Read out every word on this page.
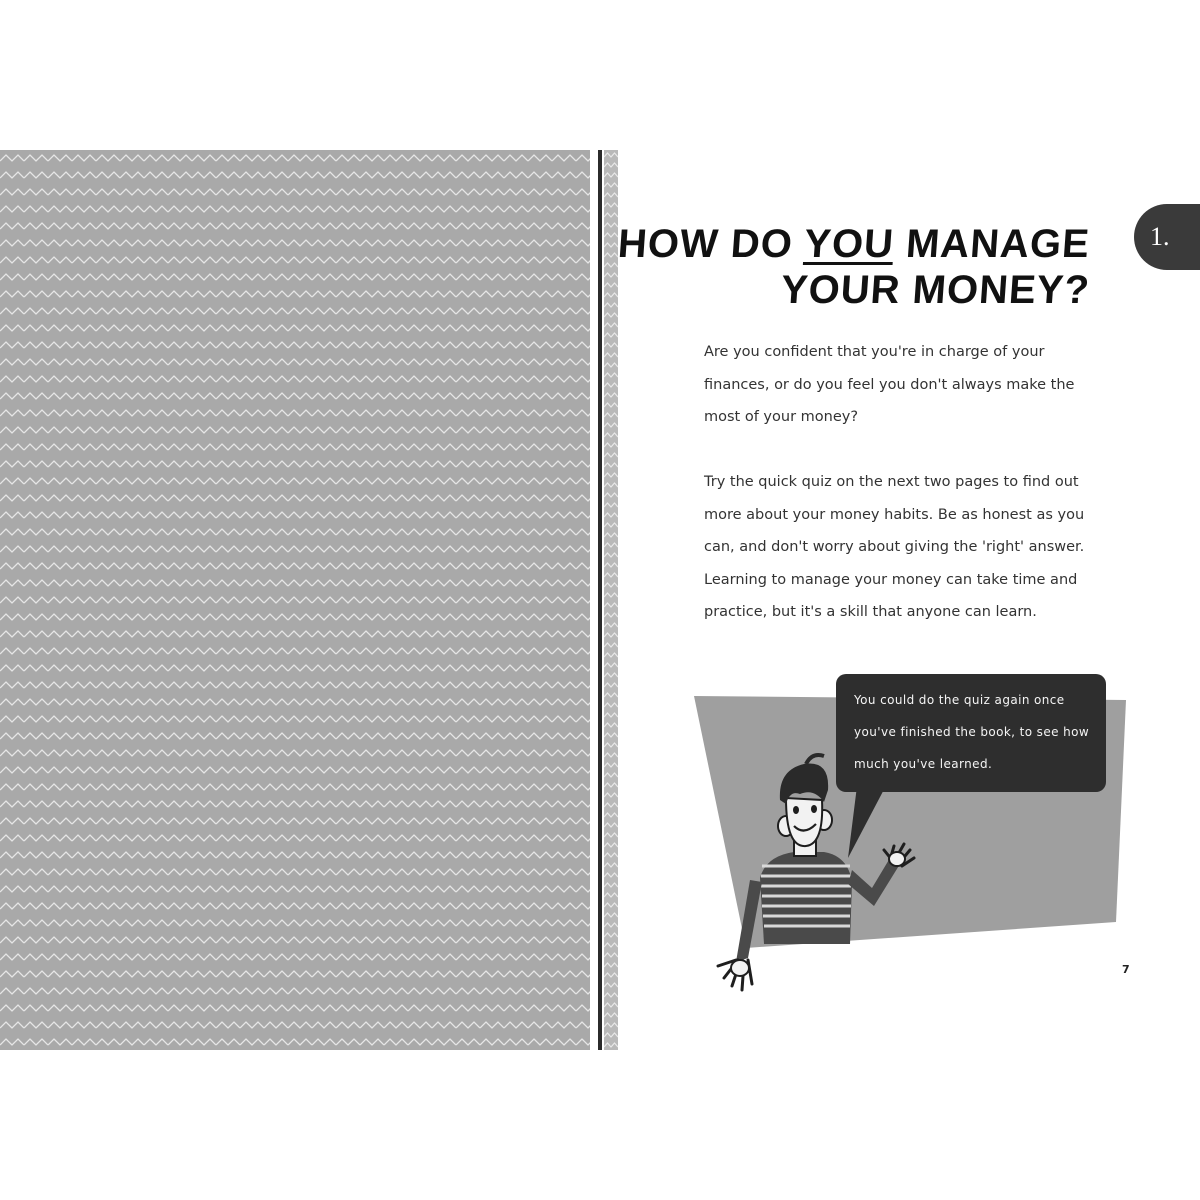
HOW DO YOU MANAGE
YOUR MONEY?
1.

Are you confident that you're in charge of your finances, or do you feel you don't always make the most of your money?

Try the quick quiz on the next two pages to find out more about your money habits. Be as honest as you can, and don't worry about giving the 'right' answer. Learning to manage your money can take time and practice, but it's a skill that anyone can learn.

You could do the quiz again once you've finished the book, to see how much you've learned.
7
